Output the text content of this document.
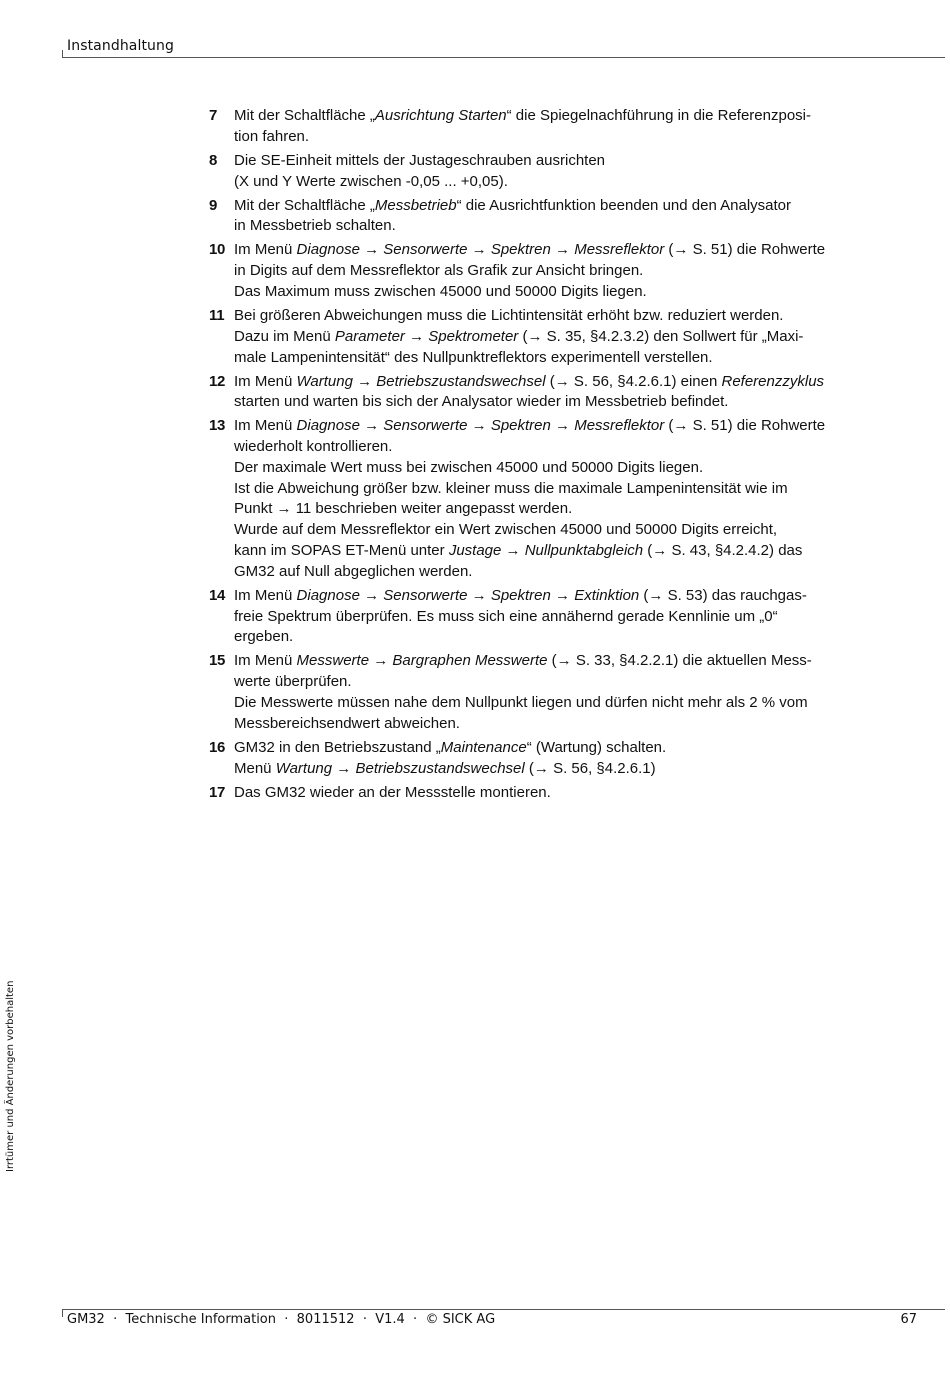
Instandhaltung
7 Mit der Schaltfläche „Ausrichtung Starten“ die Spiegelnachführung in die Referenzposi-
tion fahren.
8 Die SE-Einheit mittels der Justageschrauben ausrichten
(X und Y Werte zwischen -0,05 ... +0,05).
9 Mit der Schaltfläche „Messbetrieb“ die Ausrichtfunktion beenden und den Analysator
in Messbetrieb schalten.
10 Im Menü Diagnose → Sensorwerte → Spektren → Messreflektor (→ S. 51) die Rohwerte
in Digits auf dem Messreflektor als Grafik zur Ansicht bringen.
Das Maximum muss zwischen 45000 und 50000 Digits liegen.
11 Bei größeren Abweichungen muss die Lichtintensität erhöht bzw. reduziert werden.
Dazu im Menü Parameter → Spektrometer (→ S. 35, §4.2.3.2) den Sollwert für „Maxi-
male Lampenintensität“ des Nullpunktreflektors experimentell verstellen.
12 Im Menü Wartung → Betriebszustandswechsel (→ S. 56, §4.2.6.1) einen Referenzzyklus
starten und warten bis sich der Analysator wieder im Messbetrieb befindet.
13 Im Menü Diagnose → Sensorwerte → Spektren → Messreflektor (→ S. 51) die Rohwerte
wiederholt kontrollieren.
Der maximale Wert muss bei zwischen 45000 und 50000 Digits liegen.
Ist die Abweichung größer bzw. kleiner muss die maximale Lampenintensität wie im
Punkt → 11 beschrieben weiter angepasst werden.
Wurde auf dem Messreflektor ein Wert zwischen 45000 und 50000 Digits erreicht,
kann im SOPAS ET-Menü unter Justage → Nullpunktabgleich (→ S. 43, §4.2.4.2) das
GM32 auf Null abgeglichen werden.
14 Im Menü Diagnose → Sensorwerte → Spektren → Extinktion (→ S. 53) das rauchgas-
freie Spektrum überprüfen. Es muss sich eine annähernd gerade Kennlinie um „0“
ergeben.
15 Im Menü Messwerte → Bargraphen Messwerte (→ S. 33, §4.2.2.1) die aktuellen Mess-
werte überprüfen.
Die Messwerte müssen nahe dem Nullpunkt liegen und dürfen nicht mehr als 2 % vom
Messbereichsendwert abweichen.
16 GM32 in den Betriebszustand „Maintenance“ (Wartung) schalten.
Menü Wartung → Betriebszustandswechsel (→ S. 56, §4.2.6.1)
17 Das GM32 wieder an der Messstelle montieren.
Irrtümer und Änderungen vorbehalten
GM32  ·  Technische Information  ·  8011512  ·  V1.4  ·  © SICK AG	67
